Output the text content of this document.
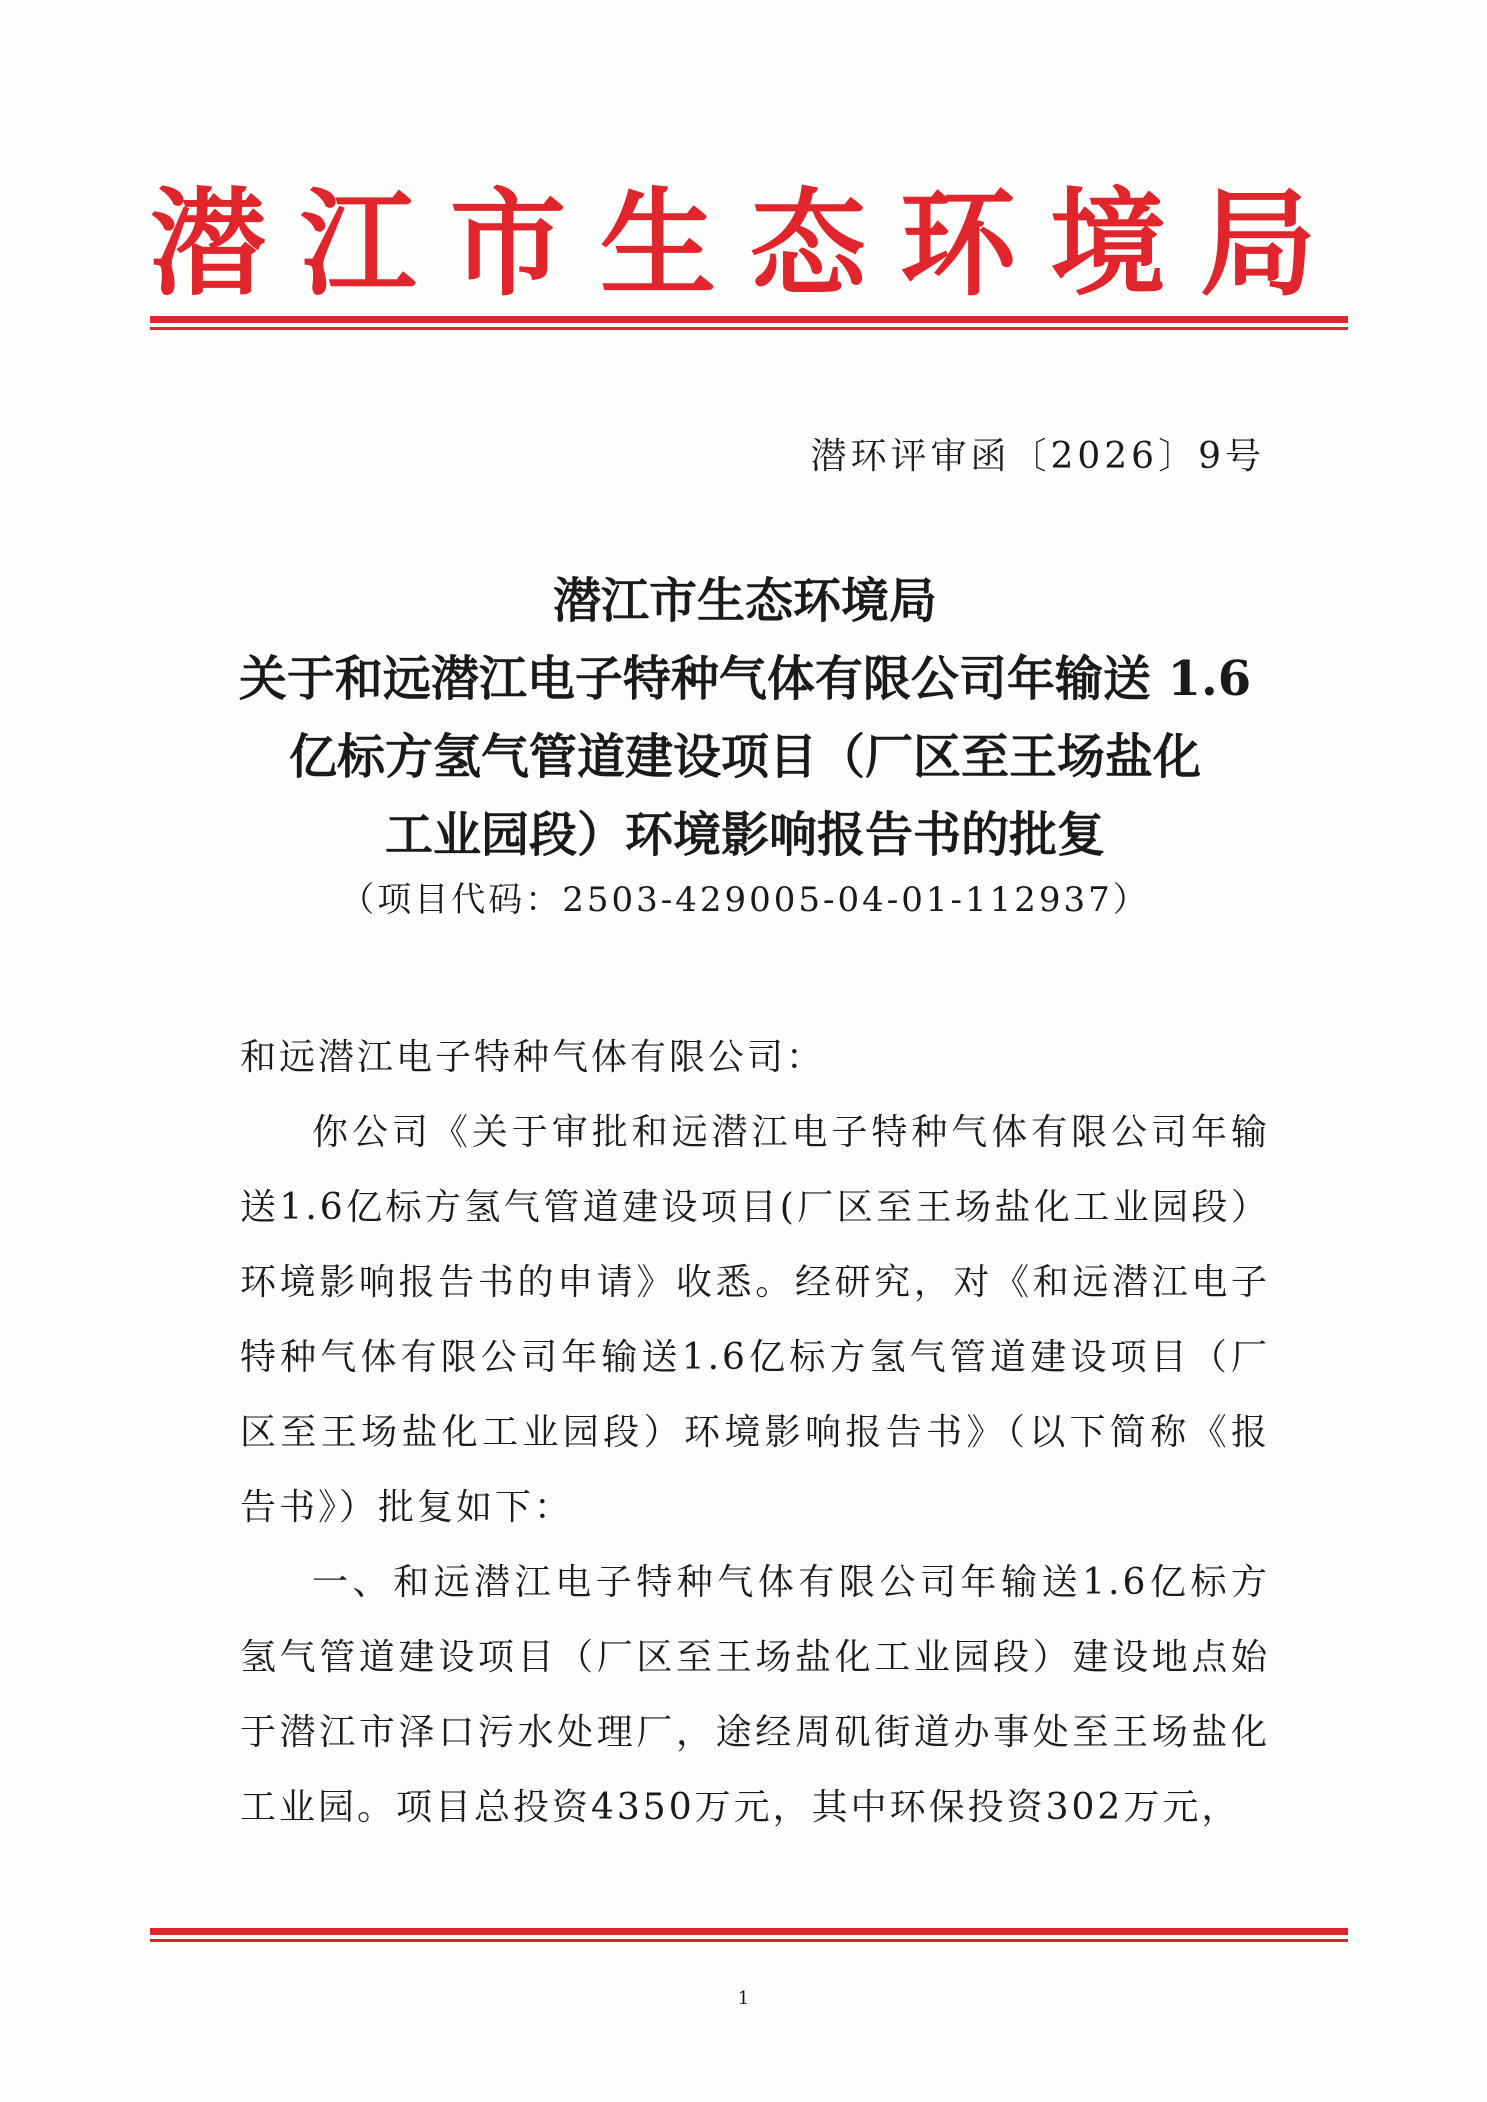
潜江市生态环境局
潜环评审函〔2026〕9号
潜江市生态环境局
关于和远潜江电子特种气体有限公司年输送 1.6
亿标方氢气管道建设项目（厂区至王场盐化
工业园段）环境影响报告书的批复
（项目代码：2503-429005-04-01-112937）

和远潜江电子特种气体有限公司：

你公司《关于审批和远潜江电子特种气体有限公司年输送1.6亿标方氢气管道建设项目(厂区至王场盐化工业园段）环境影响报告书的申请》收悉。经研究，对《和远潜江电子特种气体有限公司年输送1.6亿标方氢气管道建设项目（厂区至王场盐化工业园段）环境影响报告书》（以下简称《报告书》）批复如下：

一、和远潜江电子特种气体有限公司年输送1.6亿标方氢气管道建设项目（厂区至王场盐化工业园段）建设地点始于潜江市泽口污水处理厂，途经周矶街道办事处至王场盐化工业园。项目总投资4350万元，其中环保投资302万元，

1
